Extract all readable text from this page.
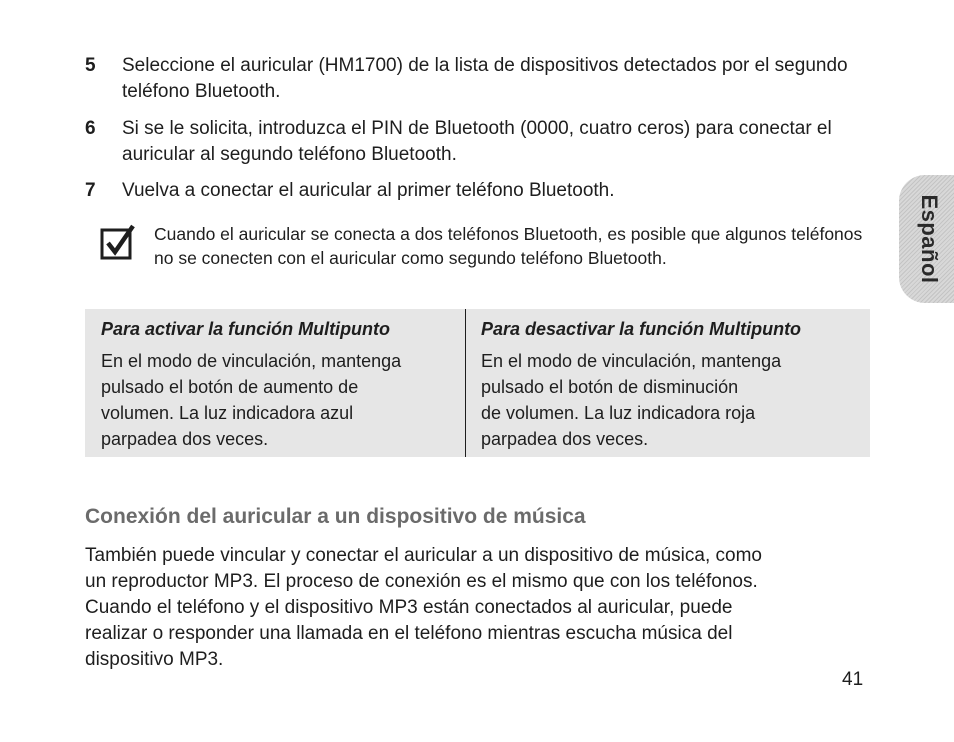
5 Seleccione el auricular (HM1700) de la lista de dispositivos detectados por el segundo teléfono Bluetooth.
6 Si se le solicita, introduzca el PIN de Bluetooth (0000, cuatro ceros) para conectar el auricular al segundo teléfono Bluetooth.
7 Vuelva a conectar el auricular al primer teléfono Bluetooth.
Cuando el auricular se conecta a dos teléfonos Bluetooth, es posible que algunos teléfonos no se conecten con el auricular como segundo teléfono Bluetooth.
Para activar la función Multipunto
En el modo de vinculación, mantenga
pulsado el botón de aumento de
volumen. La luz indicadora azul
parpadea dos veces.
Para desactivar la función Multipunto
En el modo de vinculación, mantenga
pulsado el botón de disminución
de volumen. La luz indicadora roja
parpadea dos veces.
Conexión del auricular a un dispositivo de música
También puede vincular y conectar el auricular a un dispositivo de música, como
un reproductor MP3. El proceso de conexión es el mismo que con los teléfonos.
Cuando el teléfono y el dispositivo MP3 están conectados al auricular, puede
realizar o responder una llamada en el teléfono mientras escucha música del
dispositivo MP3.
41
Español
